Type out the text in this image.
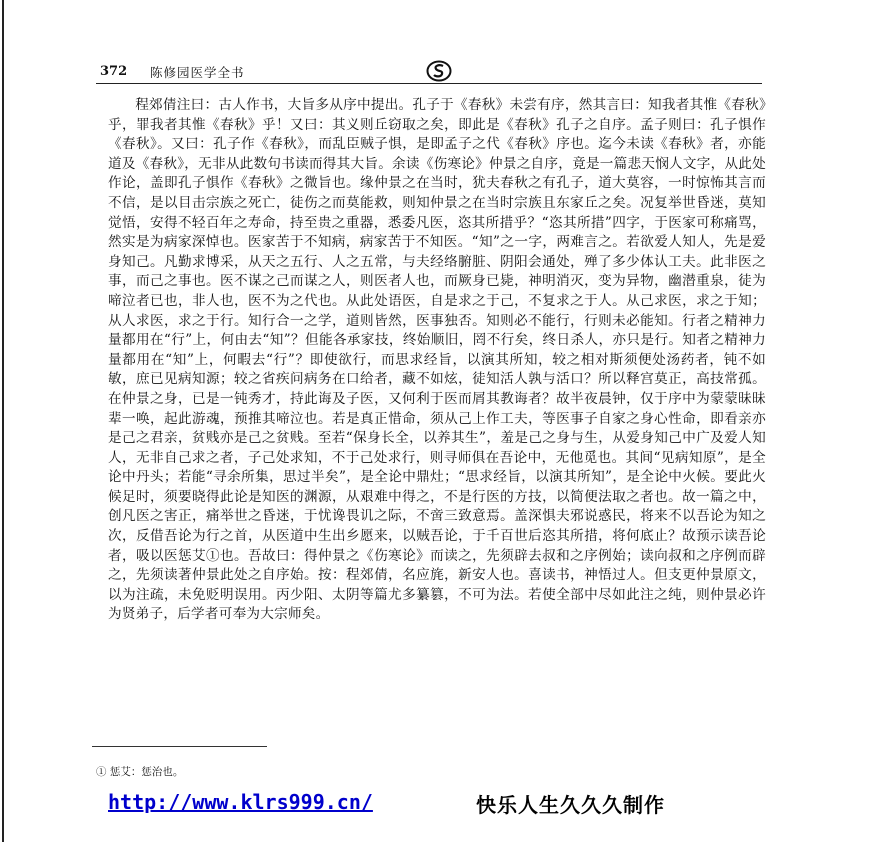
372 陈修园医学全书

程郊倩注曰：古人作书，大旨多从序中提出。孔子于《春秋》未尝有序，然其言曰：知我者其惟《春秋》乎，罪我者其惟《春秋》乎！又曰：其义则丘窃取之矣，即此是《春秋》孔子之自序。孟子则曰：孔子惧作《春秋》。又曰：孔子作《春秋》，而乱臣贼子惧，是即孟子之代《春秋》序也。迄今未读《春秋》者，亦能道及《春秋》，无非从此数句书读而得其大旨。余读《伤寒论》仲景之自序，竟是一篇悲天悯人文字，从此处作论，盖即孔子惧作《春秋》之微旨也。缘仲景之在当时，犹夫春秋之有孔子，道大莫容，一时惊怖其言而不信，是以目击宗族之死亡，徒伤之而莫能救，则知仲景之在当时宗族且东家丘之矣。况复举世昏迷，莫知觉悟，安得不轻百年之寿命，持至贵之重器，悉委凡医，恣其所措乎？“恣其所措”四字，于医家可称痛骂，然实是为病家深悼也。医家苦于不知病，病家苦于不知医。“知”之一字，两难言之。若欲爱人知人，先是爱身知己。凡勤求博采，从天之五行、人之五常，与夫经络腑脏、阴阳会通处，殚了多少体认工夫。此非医之事，而己之事也。医不谋之己而谋之人，则医者人也，而厥身已毙，神明消灭，变为异物，幽潜重泉，徒为啼泣者已也，非人也，医不为之代也。从此处语医，自是求之于己，不复求之于人。从己求医，求之于知；从人求医，求之于行。知行合一之学，道则皆然，医事独否。知则必不能行，行则未必能知。行者之精神力量都用在“行”上，何由去“知”？但能各承家技，终始顺旧，罔不行矣，终日杀人，亦只是行。知者之精神力量都用在“知”上，何暇去“行”？即使欲行，而思求经旨，以演其所知，较之相对斯须便处汤药者，钝不如敏，庶已见病知源；较之省疾问病务在口给者，藏不如炫，徒知活人孰与活口？所以释宫莫正，高技常孤。在仲景之身，已是一钝秀才，持此诲及子医，又何利于医而屑其教诲者？故半夜晨钟，仅于序中为蒙蒙昧昧辈一唤，起此游魂，预推其啼泣也。若是真正惜命，须从己上作工夫，等医事子自家之身心性命，即看亲亦是己之君亲，贫贱亦是己之贫贱。至若“保身长全，以养其生”，羞是己之身与生，从爱身知己中广及爱人知人，无非自己求之者，子己处求知，不于己处求行，则寻师俱在吾论中，无他觅也。其间“见病知原”，是全论中丹头；若能“寻余所集，思过半矣”，是全论中鼎灶；“思求经旨，以演其所知”，是全论中火候。要此火候足时，须要晓得此论是知医的渊源，从艰难中得之，不是行医的方技，以简便法取之者也。故一篇之中，创凡医之害正，痛举世之昏迷，于忧谗畏讥之际，不啻三致意焉。盖深惧夫邪说惑民，将来不以吾论为知之次，反借吾论为行之首，从医道中生出乡愿来，以贼吾论，于千百世后恣其所措，将何底止？故预示读吾论者，吸以医惩艾①也。吾故曰：得仲景之《伤寒论》而读之，先须辟去叔和之序例始；读向叔和之序例而辟之，先须读著仲景此处之自序始。按：程郊倩，名应旄，新安人也。喜读书，神悟过人。但支更仲景原文，以为注疏，未免贬明误用。丙少阳、太阴等篇尤多纂篡，不可为法。若使全部中尽如此注之纯，则仲景必许为贤弟子，后学者可奉为大宗师矣。

① 惩艾：惩治也。
http://www.klrs999.cn/	快乐人生久久久制作
